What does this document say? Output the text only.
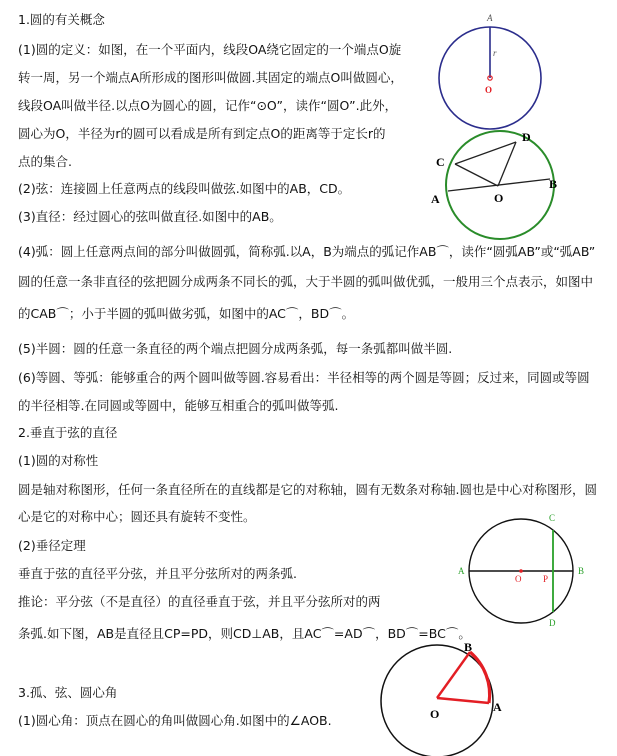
1.圆的有关概念
(1)圆的定义：如图，在一个平面内，线段OA绕它固定的一个端点O旋
转一周，另一个端点A所形成的图形叫做圆.其固定的端点O叫做圆心，
线段OA叫做半径.以点O为圆心的圆，记作“⊙O”，读作“圆O”.此外，
圆心为O，半径为r的圆可以看成是所有到定点O的距离等于定长r的
点的集合.
(2)弦：连接圆上任意两点的线段叫做弦.如图中的AB，CD。
(3)直径：经过圆心的弦叫做直径.如图中的AB。
(4)弧：圆上任意两点间的部分叫做圆弧，简称弧.以A，B为端点的弧记作AB⌒，读作“圆弧AB”或“弧AB”
圆的任意一条非直径的弦把圆分成两条不同长的弧，大于半圆的弧叫做优弧，一般用三个点表示，如图中
的CAB⌒；小于半圆的弧叫做劣弧，如图中的AC⌒，BD⌒。
(5)半圆：圆的任意一条直径的两个端点把圆分成两条弧，每一条弧都叫做半圆.
(6)等圆、等弧：能够重合的两个圆叫做等圆.容易看出：半径相等的两个圆是等圆；反过来，同圆或等圆
的半径相等.在同圆或等圆中，能够互相重合的弧叫做等弧.
2.垂直于弦的直径
(1)圆的对称性
圆是轴对称图形，任何一条直径所在的直线都是它的对称轴，圆有无数条对称轴.圆也是中心对称图形，圆
心是它的对称中心；圆还具有旋转不变性。
(2)垂径定理
垂直于弦的直径平分弦，并且平分弦所对的两条弧.
推论：平分弦（不是直径）的直径垂直于弦，并且平分弦所对的两
条弧.如下图，AB是直径且CP=PD，则CD⊥AB，且AC⌒=AD⌒，BD⌒=BC⌒。
3.孤、弦、圆心角
(1)圆心角：顶点在圆心的角叫做圆心角.如图中的∠AOB.
A
r
O
A
B
C
D
O
A	B
C
D
O P
B
A
O
